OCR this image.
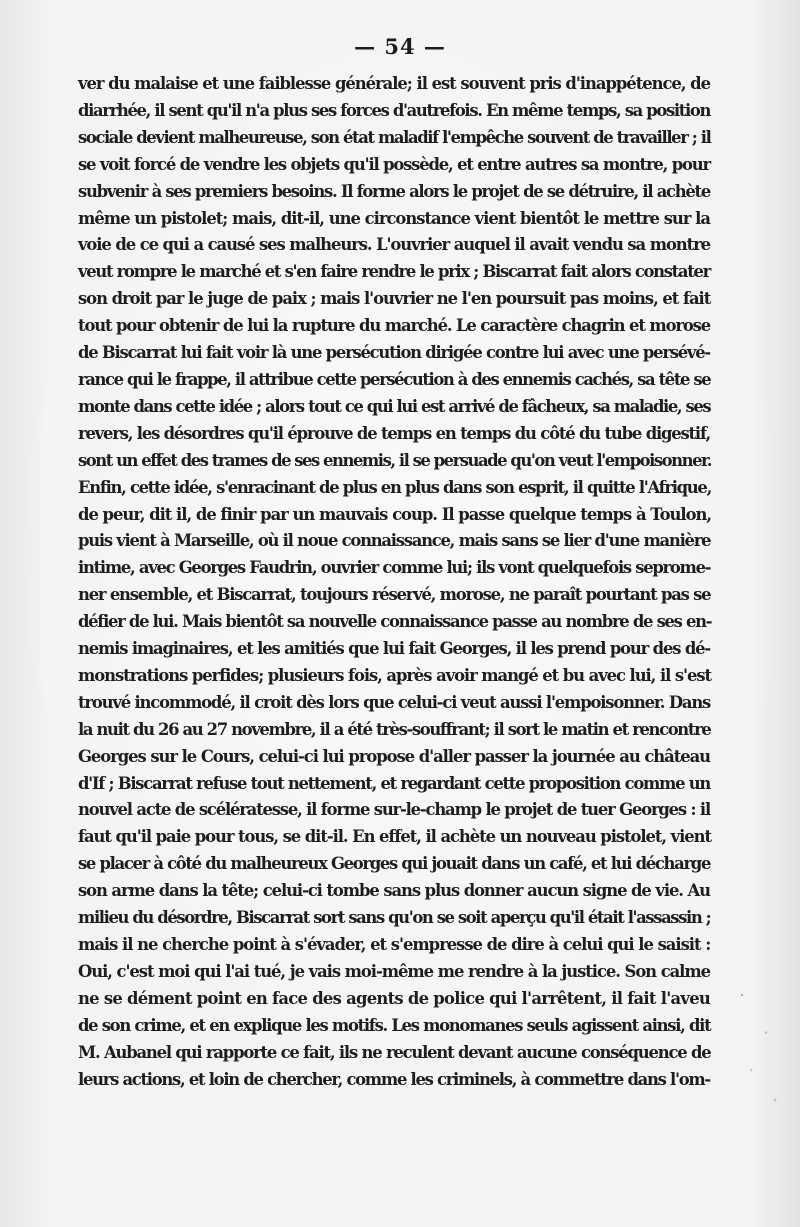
— 54 —
ver du malaise et une faiblesse générale; il est souvent pris d'inappétence, de
diarrhée, il sent qu'il n'a plus ses forces d'autrefois. En même temps, sa position
sociale devient malheureuse, son état maladif l'empêche souvent de travailler ; il
se voit forcé de vendre les objets qu'il possède, et entre autres sa montre, pour
subvenir à ses premiers besoins. Il forme alors le projet de se détruire, il achète
même un pistolet; mais, dit-il, une circonstance vient bientôt le mettre sur la
voie de ce qui a causé ses malheurs. L'ouvrier auquel il avait vendu sa montre
veut rompre le marché et s'en faire rendre le prix ; Biscarrat fait alors constater
son droit par le juge de paix ; mais l'ouvrier ne l'en poursuit pas moins, et fait
tout pour obtenir de lui la rupture du marché. Le caractère chagrin et morose
de Biscarrat lui fait voir là une persécution dirigée contre lui avec une persévé-
rance qui le frappe, il attribue cette persécution à des ennemis cachés, sa tête se
monte dans cette idée ; alors tout ce qui lui est arrivé de fâcheux, sa maladie, ses
revers, les désordres qu'il éprouve de temps en temps du côté du tube digestif,
sont un effet des trames de ses ennemis, il se persuade qu'on veut l'empoisonner.
Enfin, cette idée, s'enracinant de plus en plus dans son esprit, il quitte l'Afrique,
de peur, dit il, de finir par un mauvais coup. Il passe quelque temps à Toulon,
puis vient à Marseille, où il noue connaissance, mais sans se lier d'une manière
intime, avec Georges Faudrin, ouvrier comme lui; ils vont quelquefois seprome-
ner ensemble, et Biscarrat, toujours réservé, morose, ne paraît pourtant pas se
défier de lui. Mais bientôt sa nouvelle connaissance passe au nombre de ses en-
nemis imaginaires, et les amitiés que lui fait Georges, il les prend pour des dé-
monstrations perfides; plusieurs fois, après avoir mangé et bu avec lui, il s'est
trouvé incommodé, il croit dès lors que celui-ci veut aussi l'empoisonner. Dans
la nuit du 26 au 27 novembre, il a été très-souffrant; il sort le matin et rencontre
Georges sur le Cours, celui-ci lui propose d'aller passer la journée au château
d'If ; Biscarrat refuse tout nettement, et regardant cette proposition comme un
nouvel acte de scélératesse, il forme sur-le-champ le projet de tuer Georges : il
faut qu'il paie pour tous, se dit-il. En effet, il achète un nouveau pistolet, vient
se placer à côté du malheureux Georges qui jouait dans un café, et lui décharge
son arme dans la tête; celui-ci tombe sans plus donner aucun signe de vie. Au
milieu du désordre, Biscarrat sort sans qu'on se soit aperçu qu'il était l'assassin ;
mais il ne cherche point à s'évader, et s'empresse de dire à celui qui le saisit :
Oui, c'est moi qui l'ai tué, je vais moi-même me rendre à la justice. Son calme
ne se dément point en face des agents de police qui l'arrêtent, il fait l'aveu
de son crime, et en explique les motifs. Les monomanes seuls agissent ainsi, dit
M. Aubanel qui rapporte ce fait, ils ne reculent devant aucune conséquence de
leurs actions, et loin de chercher, comme les criminels, à commettre dans l'om-
